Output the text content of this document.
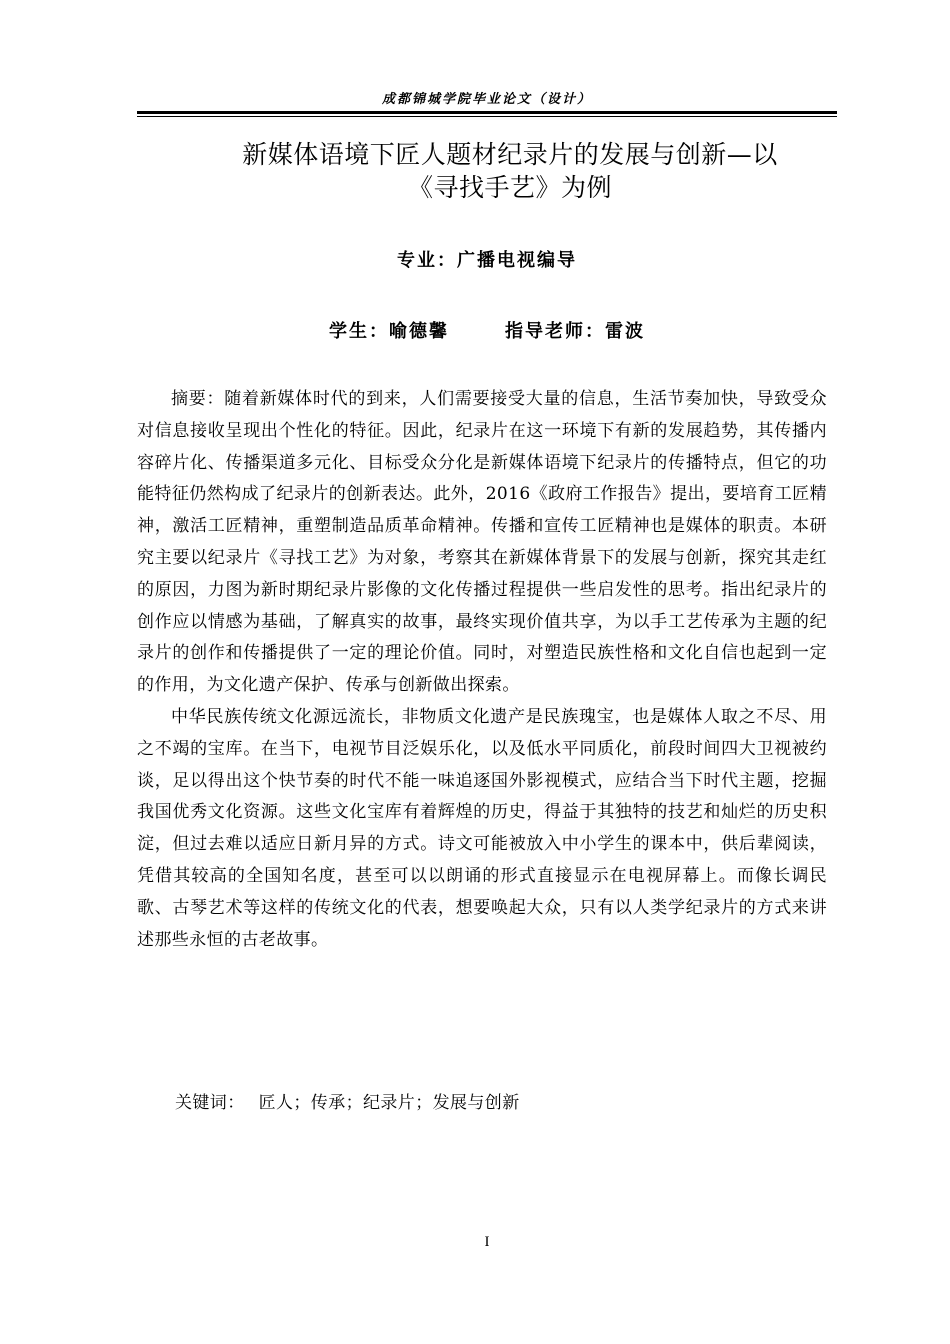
成都锦城学院毕业论文（设计）
新媒体语境下匠人题材纪录片的发展与创新—以
《寻找手艺》为例
专业：广播电视编导
学生：喻德馨	指导老师：雷波

摘要：随着新媒体时代的到来，人们需要接受大量的信息，生活节奏加快，导致受众对信息接收呈现出个性化的特征。因此，纪录片在这一环境下有新的发展趋势，其传播内容碎片化、传播渠道多元化、目标受众分化是新媒体语境下纪录片的传播特点，但它的功能特征仍然构成了纪录片的创新表达。此外，2016《政府工作报告》提出，要培育工匠精神，激活工匠精神，重塑制造品质革命精神。传播和宣传工匠精神也是媒体的职责。本研究主要以纪录片《寻找工艺》为对象，考察其在新媒体背景下的发展与创新，探究其走红的原因，力图为新时期纪录片影像的文化传播过程提供一些启发性的思考。指出纪录片的创作应以情感为基础，了解真实的故事，最终实现价值共享，为以手工艺传承为主题的纪录片的创作和传播提供了一定的理论价值。同时，对塑造民族性格和文化自信也起到一定的作用，为文化遗产保护、传承与创新做出探索。

中华民族传统文化源远流长，非物质文化遗产是民族瑰宝，也是媒体人取之不尽、用之不竭的宝库。在当下，电视节目泛娱乐化，以及低水平同质化，前段时间四大卫视被约谈，足以得出这个快节奏的时代不能一味追逐国外影视模式，应结合当下时代主题，挖掘我国优秀文化资源。这些文化宝库有着辉煌的历史，得益于其独特的技艺和灿烂的历史积淀，但过去难以适应日新月异的方式。诗文可能被放入中小学生的课本中，供后辈阅读，凭借其较高的全国知名度，甚至可以以朗诵的形式直接显示在电视屏幕上。而像长调民歌、古琴艺术等这样的传统文化的代表，想要唤起大众，只有以人类学纪录片的方式来讲述那些永恒的古老故事。

关键词： 匠人；传承；纪录片；发展与创新
I
